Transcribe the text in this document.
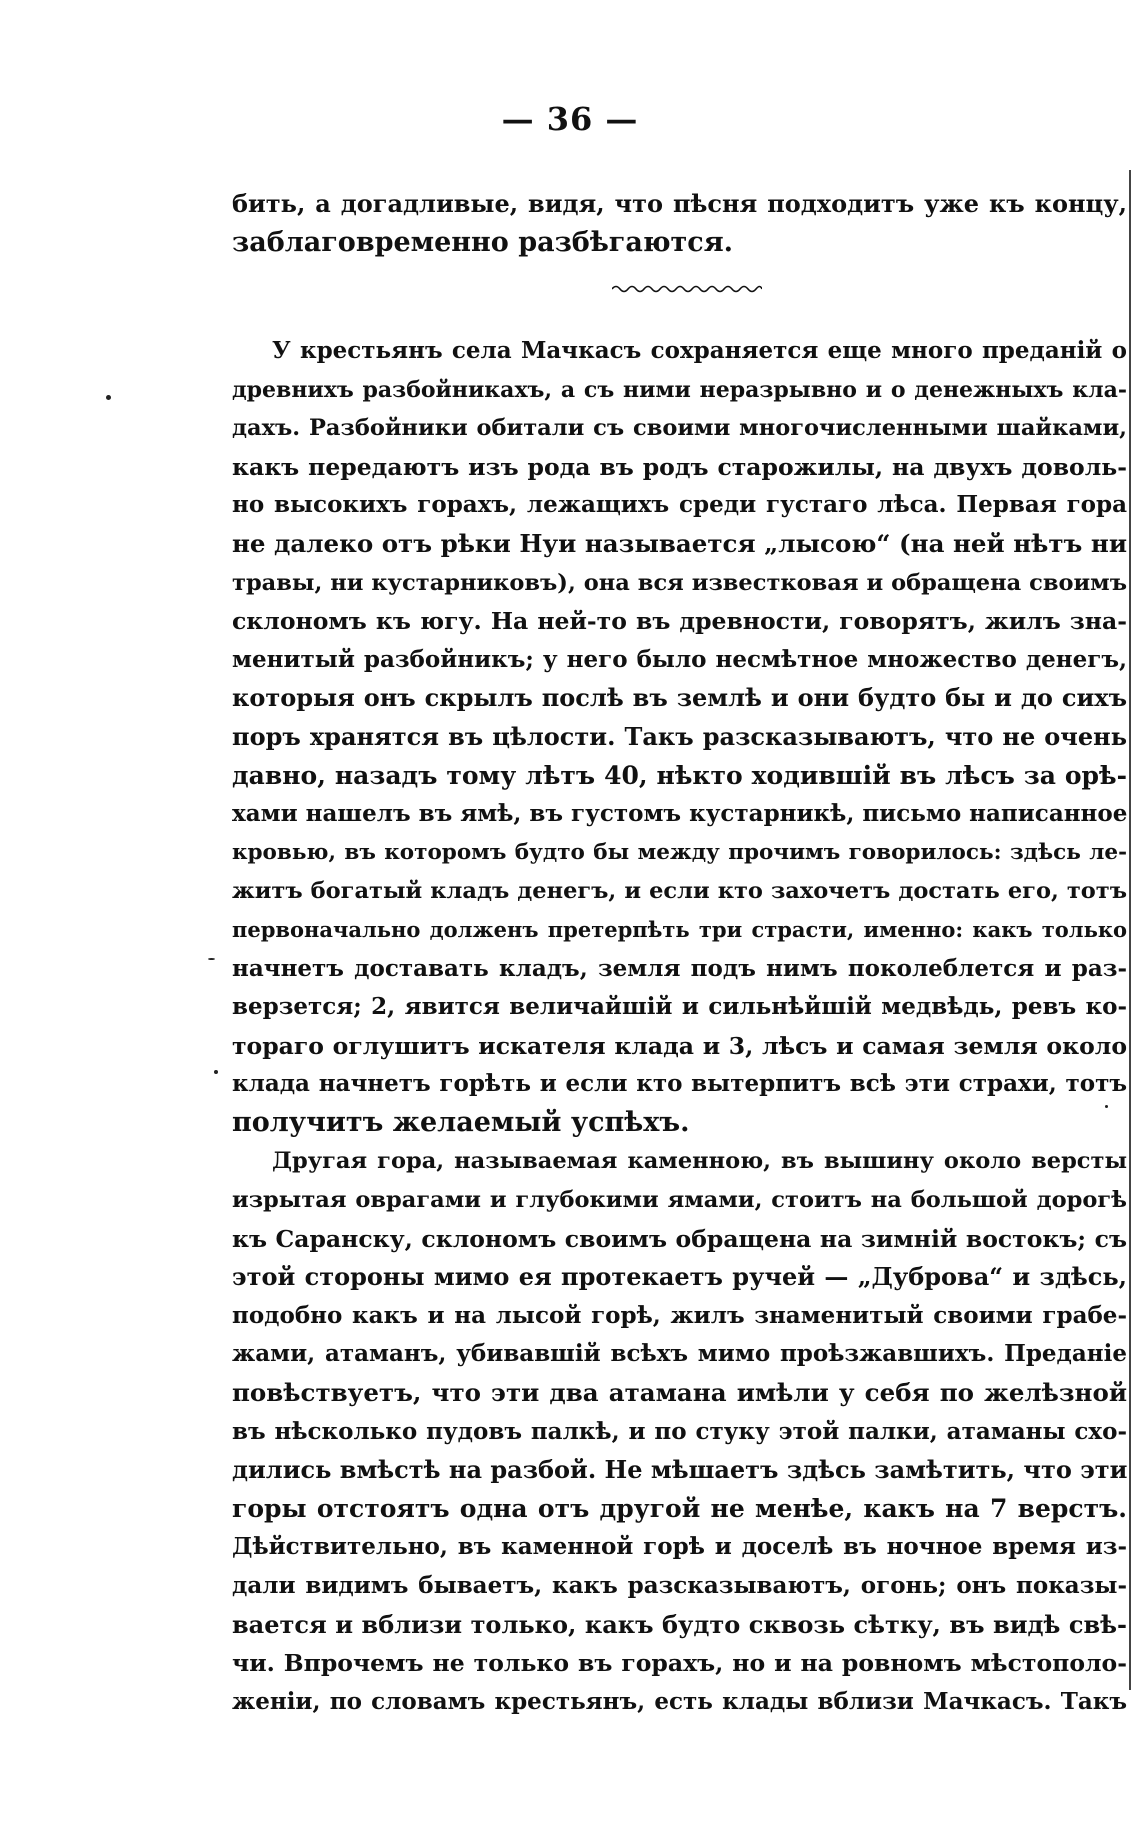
— 36 —
бить, а догадливые, видя, что пѣсня подходитъ уже къ концу,
заблаговременно разбѣгаются.
У крестьянъ села Мачкасъ сохраняется еще много преданій о
древнихъ разбойникахъ, а съ ними неразрывно и о денежныхъ кла-
дахъ. Разбойники обитали съ своими многочисленными шайками,
какъ передаютъ изъ рода въ родъ старожилы, на двухъ доволь-
но высокихъ горахъ, лежащихъ среди густаго лѣса. Первая гора
не далеко отъ рѣки Нуи называется „лысою“ (на ней нѣтъ ни
травы, ни кустарниковъ), она вся известковая и обращена своимъ
склономъ къ югу. На ней-то въ древности, говорятъ, жилъ зна-
менитый разбойникъ; у него было несмѣтное множество денегъ,
которыя онъ скрылъ послѣ въ землѣ и они будто бы и до сихъ
поръ хранятся въ цѣлости. Такъ разсказываютъ, что не очень
давно, назадъ тому лѣтъ 40, нѣкто ходившій въ лѣсъ за орѣ-
хами нашелъ въ ямѣ, въ густомъ кустарникѣ, письмо написанное
кровью, въ которомъ будто бы между прочимъ говорилось: здѣсь ле-
житъ богатый кладъ денегъ, и если кто захочетъ достать его, тотъ
первоначально долженъ претерпѣть три страсти, именно: какъ только
начнетъ доставать кладъ, земля подъ нимъ поколеблется и раз-
верзется; 2, явится величайшій и сильнѣйшій медвѣдь, ревъ ко-
тораго оглушитъ искателя клада и 3, лѣсъ и самая земля около
клада начнетъ горѣть и если кто вытерпитъ всѣ эти страхи, тотъ
получитъ желаемый успѣхъ.
Другая гора, называемая каменною, въ вышину около версты
изрытая оврагами и глубокими ямами, стоитъ на большой дорогѣ
къ Саранску, склономъ своимъ обращена на зимній востокъ; съ
этой стороны мимо ея протекаетъ ручей — „Дуброва“ и здѣсь,
подобно какъ и на лысой горѣ, жилъ знаменитый своими грабе-
жами, атаманъ, убивавшій всѣхъ мимо проѣзжавшихъ. Преданіе
повѣствуетъ, что эти два атамана имѣли у себя по желѣзной
въ нѣсколько пудовъ палкѣ, и по стуку этой палки, атаманы схо-
дились вмѣстѣ на разбой. Не мѣшаетъ здѣсь замѣтить, что эти
горы отстоятъ одна отъ другой не менѣе, какъ на 7 верстъ.
Дѣйствительно, въ каменной горѣ и доселѣ въ ночное время из-
дали видимъ бываетъ, какъ разсказываютъ, огонь; онъ показы-
вается и вблизи только, какъ будто сквозь сѣтку, въ видѣ свѣ-
чи. Впрочемъ не только въ горахъ, но и на ровномъ мѣстополо-
женіи, по словамъ крестьянъ, есть клады вблизи Мачкасъ. Такъ
